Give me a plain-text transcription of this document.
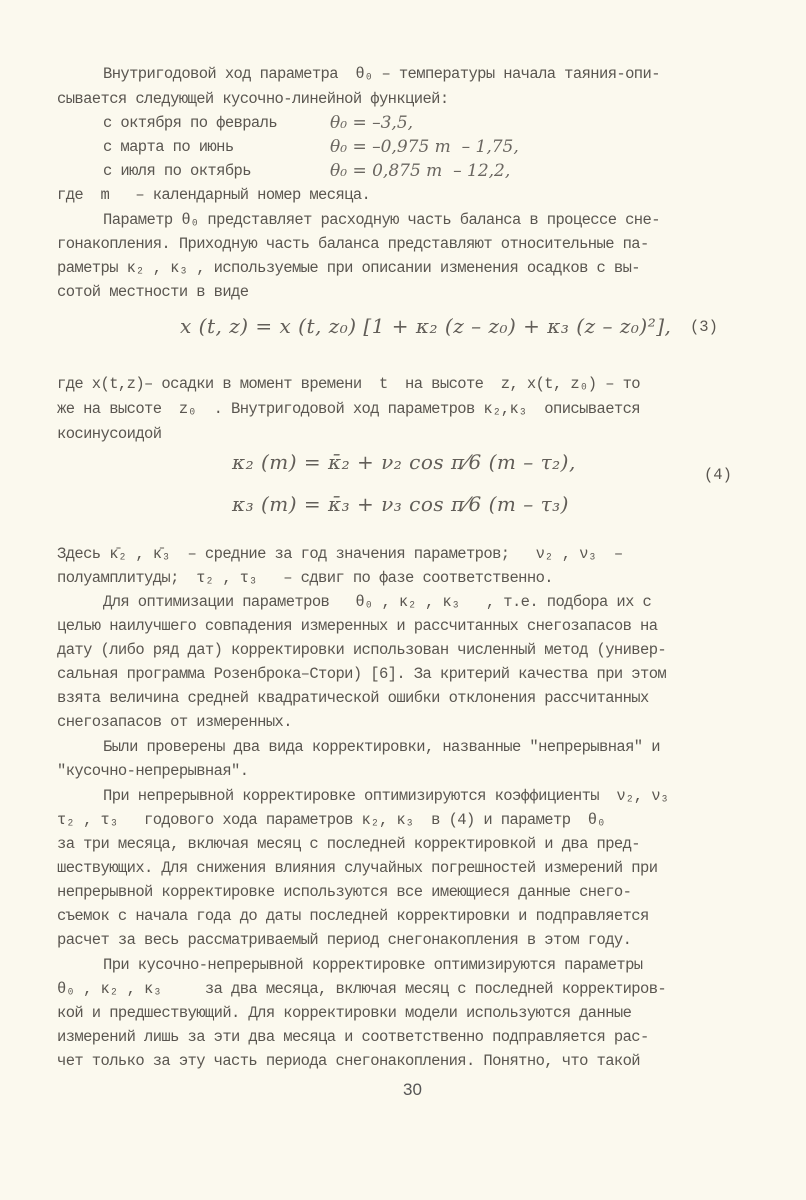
Внутригодовой ход параметра  θ₀ – температуры начала таяния-опи-
сывается следующей кусочно-линейной функцией:
с октября по февраль
с марта по июнь
с июля по октябрь
θ₀ = –3,5,
θ₀ = –0,975 m  – 1,75,
θ₀ = 0,875 m  – 12,2,
где  m   – календарный номер месяца.
Параметр θ₀ представляет расходную часть баланса в процессе сне-
гонакопления. Приходную часть баланса представляют относительные па-
раметры κ₂ , κ₃ , используемые при описании изменения осадков с вы-
сотой местности в виде
x (t, z) = x (t, z₀) [1 + κ₂ (z – z₀) + κ₃ (z – z₀)²], (3)
где x(t,z)– осадки в момент времени  t  на высоте  z, x(t, z₀) – то
же на высоте  z₀  . Внутригодовой ход параметров κ₂,κ₃  описывается
косинусоидой
κ₂ (m) = κ̄₂ + ν₂ cos π⁄6 (m – τ₂),
κ₃ (m) = κ̄₃ + ν₃ cos π⁄6 (m – τ₃)
(4)
Здесь κ̄₂ , κ̄₃  – средние за год значения параметров;   ν₂ , ν₃  –
полуамплитуды;  τ₂ , τ₃   – сдвиг по фазе соответственно.
Для оптимизации параметров   θ₀ , κ₂ , κ₃   , т.е. подбора их с
целью наилучшего совпадения измеренных и рассчитанных снегозапасов на
дату (либо ряд дат) корректировки использован численный метод (универ-
сальная программа Розенброка–Стори) [6]. За критерий качества при этом
взята величина средней квадратической ошибки отклонения рассчитанных
снегозапасов от измеренных.
Были проверены два вида корректировки, названные "непрерывная" и
"кусочно-непрерывная".
При непрерывной корректировке оптимизируются коэффициенты  ν₂, ν₃
τ₂ , τ₃   годового хода параметров κ₂, κ₃  в (4) и параметр  θ₀
за три месяца, включая месяц с последней корректировкой и два пред-
шествующих. Для снижения влияния случайных погрешностей измерений при
непрерывной корректировке используются все имеющиеся данные снего-
съемок с начала года до даты последней корректировки и подправляется
расчет за весь рассматриваемый период снегонакопления в этом году.
При кусочно-непрерывной корректировке оптимизируются параметры
θ₀ , κ₂ , κ₃     за два месяца, включая месяц с последней корректиров-
кой и предшествующий. Для корректировки модели используются данные
измерений лишь за эти два месяца и соответственно подправляется рас-
чет только за эту часть периода снегонакопления. Понятно, что такой
30
